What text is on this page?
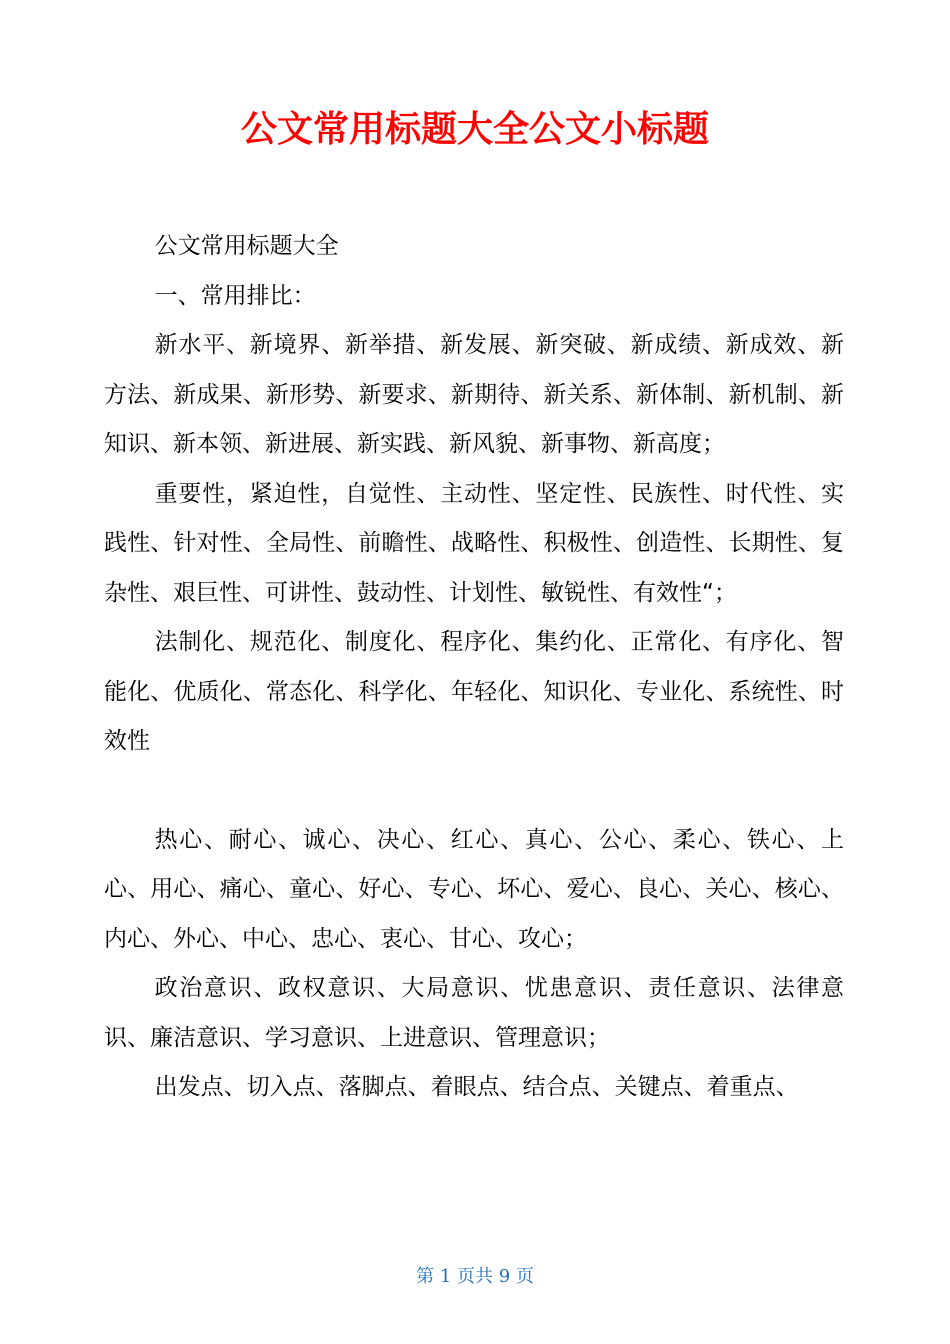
公文常用标题大全公文小标题

公文常用标题大全

一、常用排比：

新水平、新境界、新举措、新发展、新突破、新成绩、新成效、新方法、新成果、新形势、新要求、新期待、新关系、新体制、新机制、新知识、新本领、新进展、新实践、新风貌、新事物、新高度；

重要性，紧迫性，自觉性、主动性、坚定性、民族性、时代性、实践性、针对性、全局性、前瞻性、战略性、积极性、创造性、长期性、复杂性、艰巨性、可讲性、鼓动性、计划性、敏锐性、有效性“；

法制化、规范化、制度化、程序化、集约化、正常化、有序化、智能化、优质化、常态化、科学化、年轻化、知识化、专业化、系统性、时效性

热心、耐心、诚心、决心、红心、真心、公心、柔心、铁心、上心、用心、痛心、童心、好心、专心、坏心、爱心、良心、关心、核心、内心、外心、中心、忠心、衷心、甘心、攻心；

政治意识、政权意识、大局意识、忧患意识、责任意识、法律意识、廉洁意识、学习意识、上进意识、管理意识；

出发点、切入点、落脚点、着眼点、结合点、关键点、着重点、

第 1 页共 9 页
